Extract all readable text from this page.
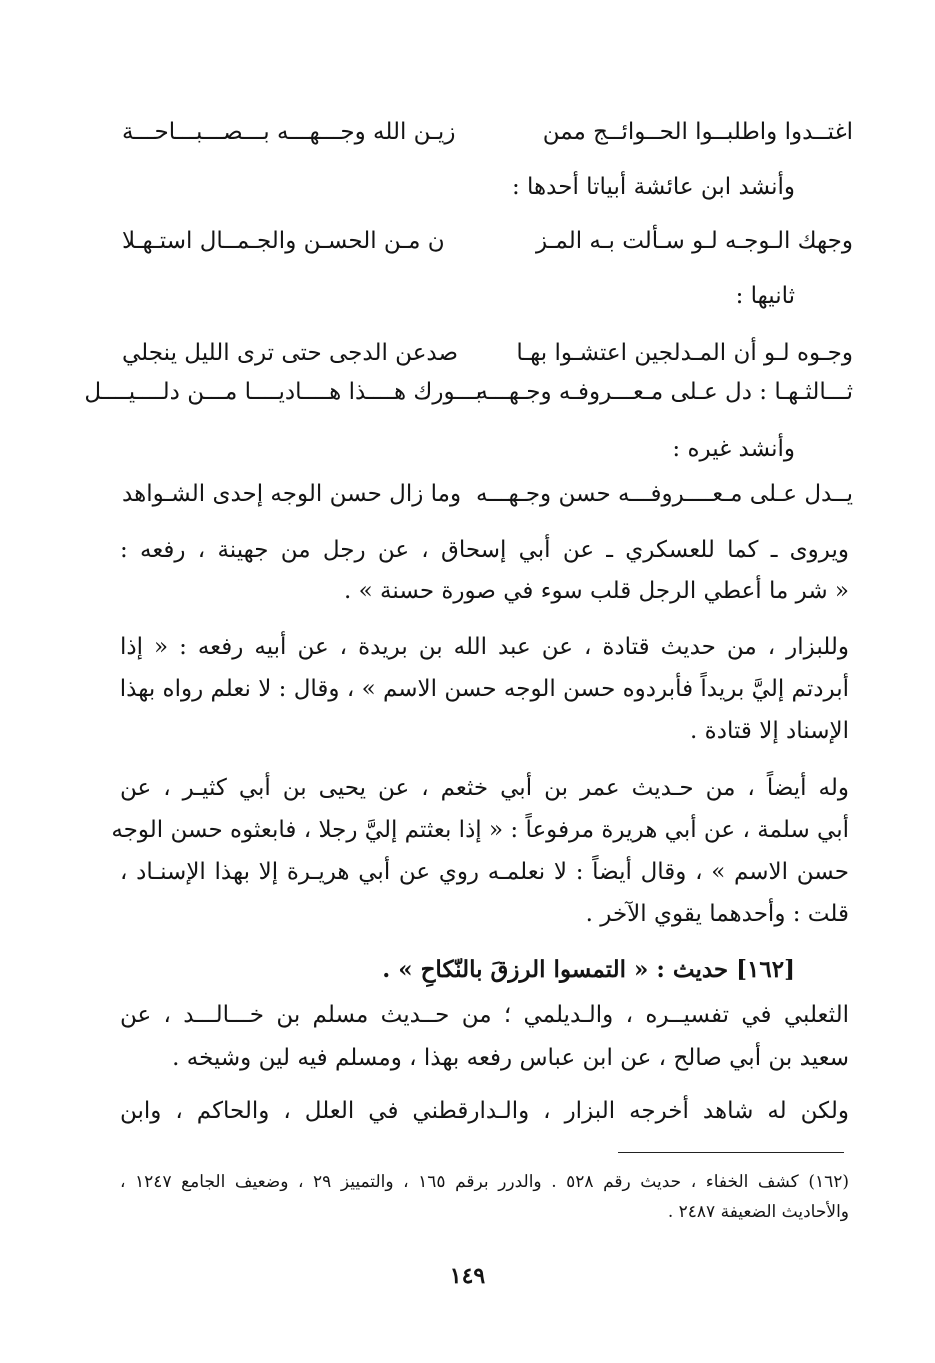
اغتــدوا واطلبــوا الحــوائــج ممن
زيـن الله وجـــهـــه بـــصـــبـــاحـــة
وأنشد ابن عائشة أبياتا أحدها :
وجهك الـوجـه لـو سـألت بـه المـز
ن مـن الحسـن والجـمــال استـهـلا
ثانيها :
وجـوه لـو أن المـدلجين اعتشـوا بهـا
صدعن الدجى حتى ترى الليل ينجلي
ثـــالثـهـا : دل عـلى مـعـــروفـه وجـهـــه
بـــورك هــــذا هــــاديــــا مـــن دلــــيــــل
وأنشد غيره :
يــدل عـلى مـعــــروفـــه حسن وجـهـــه
وما زال حسن الوجه إحدى الشـواهد
ويروى ـ كما للعسكري ـ عن أبي إسحاق ، عن رجل من جهينة ، رفعه :
« شر ما أعطي الرجل قلب سوء في صورة حسنة » .
وللبزار ، من حديث قتادة ، عن عبد الله بن بريدة ، عن أبيه رفعه : « إذا
أبردتم إليَّ بريداً فأبردوه حسن الوجه حسن الاسم » ، وقال : لا نعلم رواه بهذا
الإسناد إلا قتادة .
وله أيضاً ، من حـديث عمر بن أبي خثعم ، عن يحيى بن أبي كثيـر ، عن
أبي سلمة ، عن أبي هريرة مرفوعاً : « إذا بعثتم إليَّ رجلا ، فابعثوه حسن الوجه
حسن الاسم » ، وقال أيضاً : لا نعلمـه روي عن أبي هريـرة إلا بهذا الإسنـاد ،
قلت : وأحدهما يقوي الآخر .
[١٦٢] حديث : « التمسوا الرزقَ بالنّكاحِ » .
الثعلبي في تفسيــره ، والـديلمي ؛ من حــديث مسلم بن خـــالـــد ، عن
سعيد بن أبي صالح ، عن ابن عباس رفعه بهذا ، ومسلم فيه لين وشيخه .
ولكن له شاهد أخرجه البزار ، والـدارقطني في العلل ، والحاكم ، وابن
(١٦٢) كشف الخفاء ، حديث رقم ٥٢٨ . والدرر برقم ١٦٥ ، والتمييز ٢٩ ، وضعيف الجامع ١٢٤٧ ،
والأحاديث الضعيفة ٢٤٨٧ .
١٤٩
